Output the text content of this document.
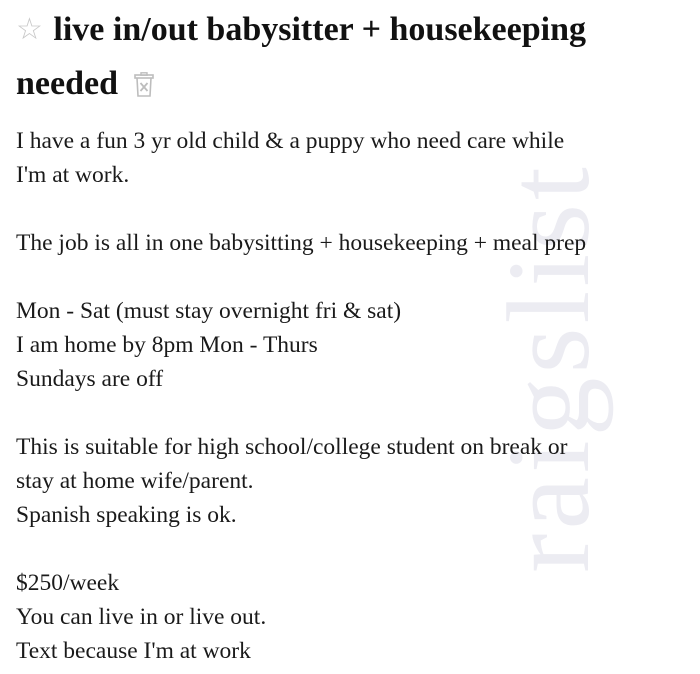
raigslist
☆ live in/out babysitter + housekeeping
needed
I have a fun 3 yr old child & a puppy who need care while
I'm at work.
The job is all in one babysitting + housekeeping + meal prep
Mon - Sat (must stay overnight fri & sat)
I am home by 8pm Mon - Thurs
Sundays are off
This is suitable for high school/college student on break or
stay at home wife/parent.
Spanish speaking is ok.
$250/week
You can live in or live out.
Text because I'm at work
